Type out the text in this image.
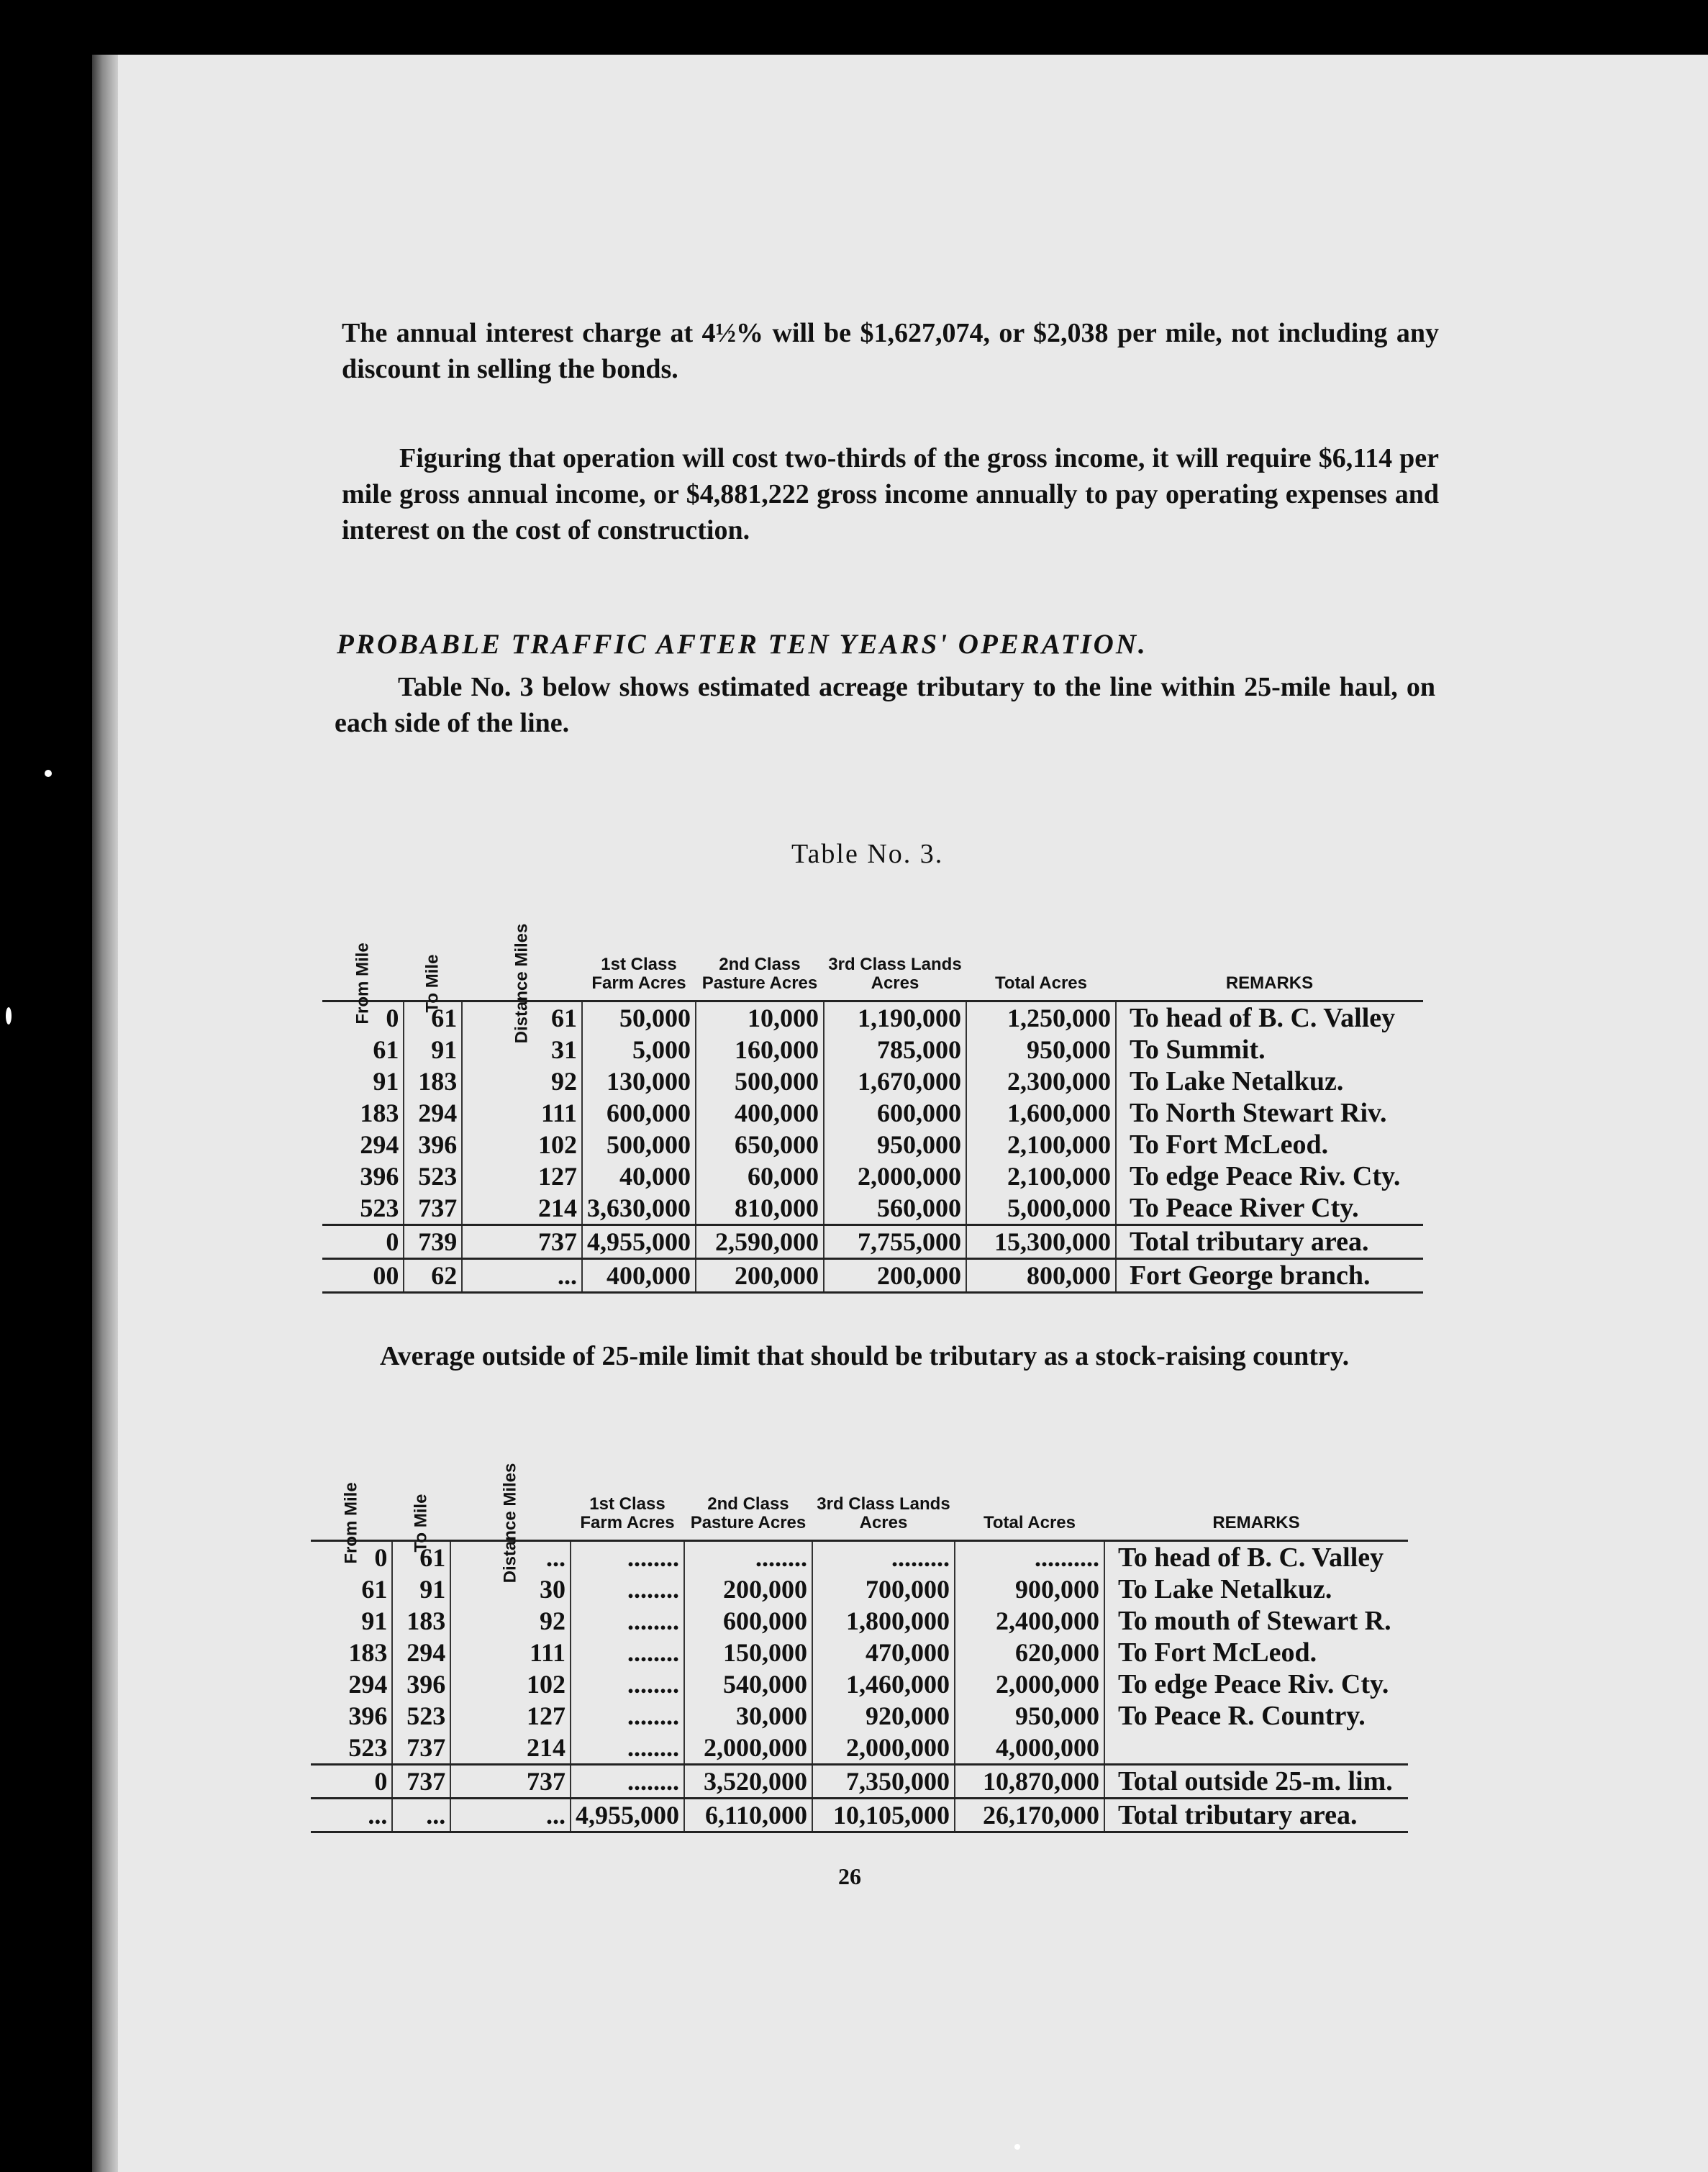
The annual interest charge at 4½% will be $1,627,074, or $2,038 per mile, not including any discount in selling the bonds.

Figuring that operation will cost two-thirds of the gross income, it will require $6,114 per mile gross annual income, or $4,881,222 gross income annually to pay operating expenses and interest on the cost of construction.

PROBABLE TRAFFIC AFTER TEN YEARS' OPERATION.

Table No. 3 below shows estimated acreage tributary to the line within 25-mile haul, on each side of the line.

Table No. 3.
From Mile	To Mile	Distance Miles	1st Class Farm Acres	2nd Class Pasture Acres	3rd Class Lands Acres	Total Acres	REMARKS
0	61	61	50,000	10,000	1,190,000	1,250,000	To head of B. C. Valley
61	91	31	5,000	160,000	785,000	950,000	To Summit.
91	183	92	130,000	500,000	1,670,000	2,300,000	To Lake Netalkuz.
183	294	111	600,000	400,000	600,000	1,600,000	To North Stewart Riv.
294	396	102	500,000	650,000	950,000	2,100,000	To Fort McLeod.
396	523	127	40,000	60,000	2,000,000	2,100,000	To edge Peace Riv. Cty.
523	737	214	3,630,000	810,000	560,000	5,000,000	To Peace River Cty.
0	739	737	4,955,000	2,590,000	7,755,000	15,300,000	Total tributary area.
00	62	...	400,000	200,000	200,000	800,000	Fort George branch.

Average outside of 25-mile limit that should be tributary as a stock-raising country.

From Mile	To Mile	Distance Miles	1st Class Farm Acres	2nd Class Pasture Acres	3rd Class Lands Acres	Total Acres	REMARKS
0	61	...	........	........	.........	..........	To head of B. C. Valley
61	91	30	........	200,000	700,000	900,000	To Lake Netalkuz.
91	183	92	........	600,000	1,800,000	2,400,000	To mouth of Stewart R.
183	294	111	........	150,000	470,000	620,000	To Fort McLeod.
294	396	102	........	540,000	1,460,000	2,000,000	To edge Peace Riv. Cty.
396	523	127	........	30,000	920,000	950,000	To Peace R. Country.
523	737	214	........	2,000,000	2,000,000	4,000,000	
0	737	737	........	3,520,000	7,350,000	10,870,000	Total outside 25-m. lim.
...	...	...	4,955,000	6,110,000	10,105,000	26,170,000	Total tributary area.
26
